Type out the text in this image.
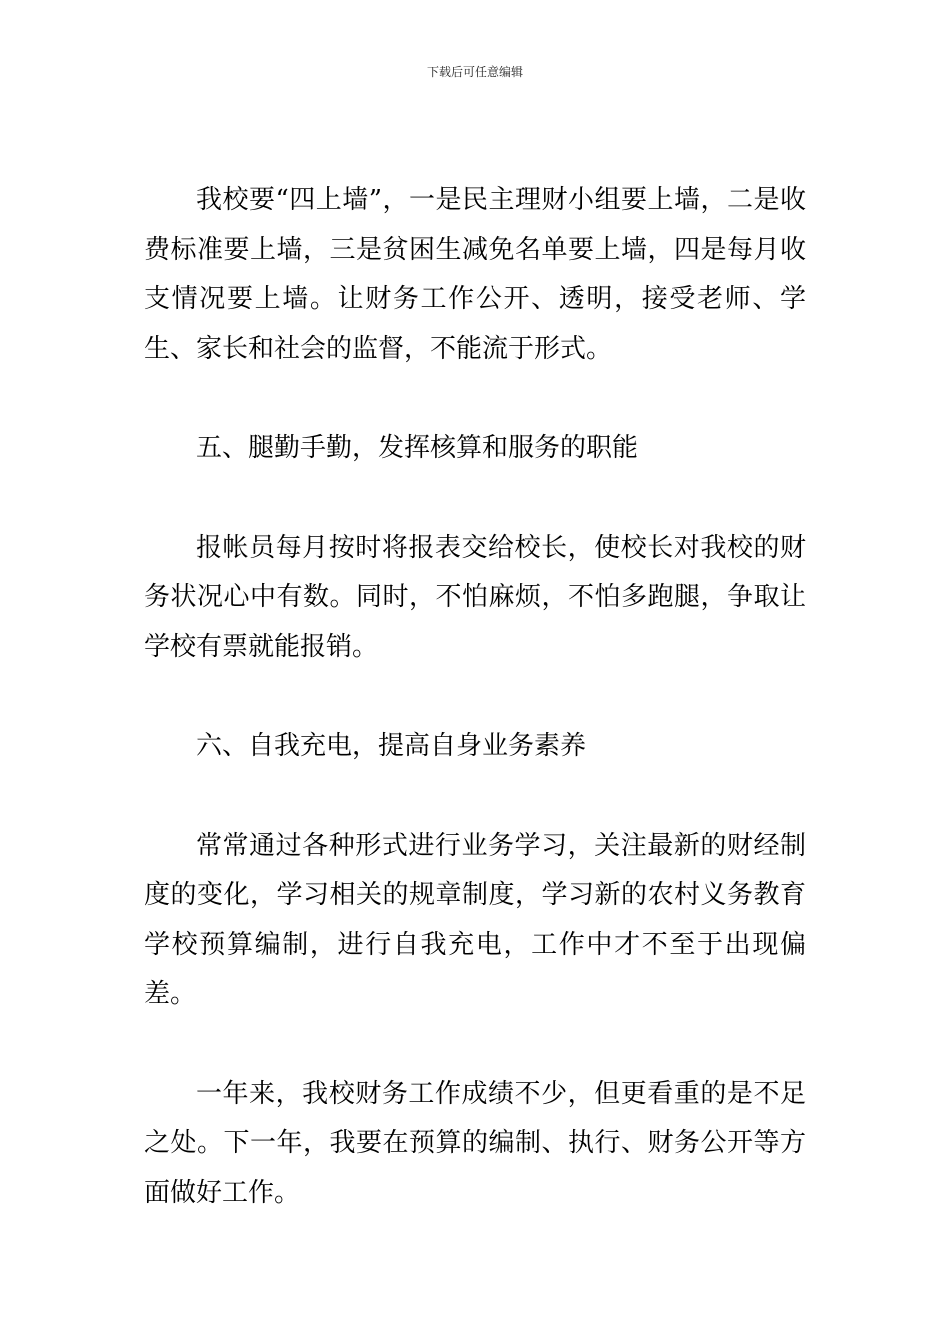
下载后可任意编辑

我校要“四上墙”，一是民主理财小组要上墙，二是收费标准要上墙，三是贫困生减免名单要上墙，四是每月收支情况要上墙。让财务工作公开、透明，接受老师、学生、家长和社会的监督，不能流于形式。

五、腿勤手勤，发挥核算和服务的职能

报帐员每月按时将报表交给校长，使校长对我校的财务状况心中有数。同时，不怕麻烦，不怕多跑腿，争取让学校有票就能报销。

六、自我充电，提高自身业务素养

常常通过各种形式进行业务学习，关注最新的财经制度的变化，学习相关的规章制度，学习新的农村义务教育学校预算编制，进行自我充电，工作中才不至于出现偏差。

一年来，我校财务工作成绩不少，但更看重的是不足之处。下一年，我要在预算的编制、执行、财务公开等方面做好工作。
